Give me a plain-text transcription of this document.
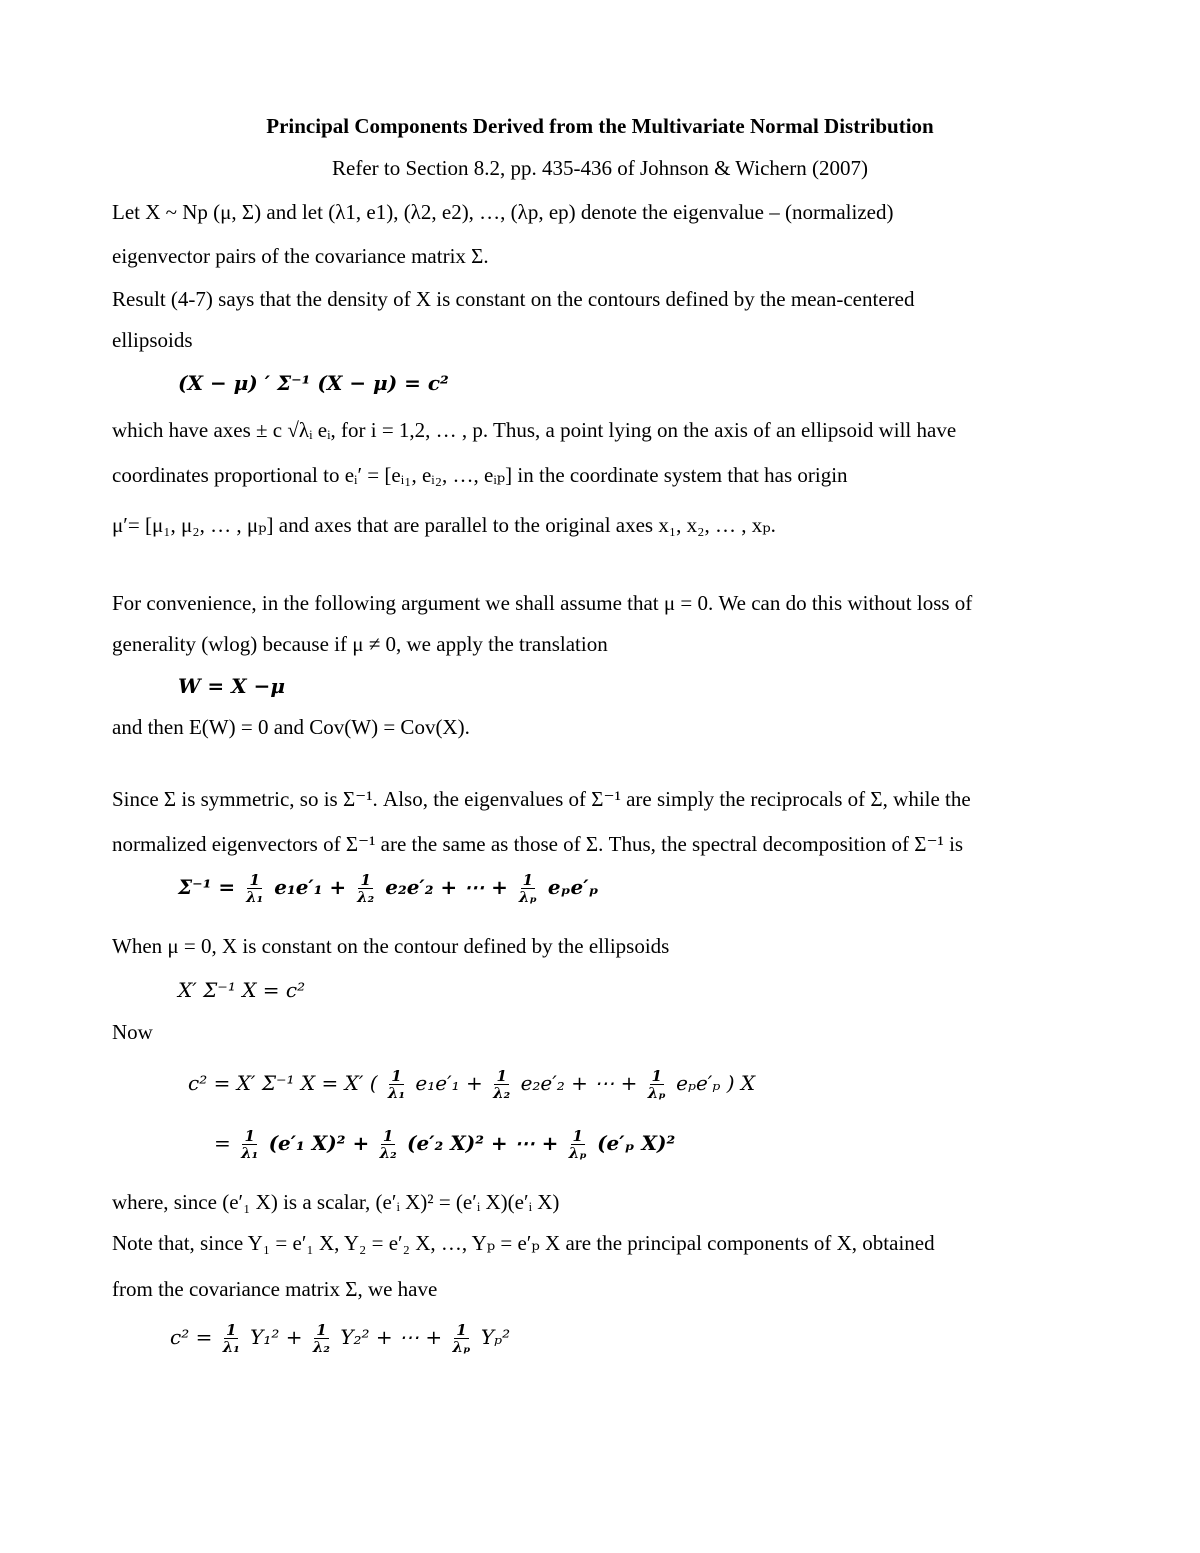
Principal Components Derived from the Multivariate Normal Distribution
Refer to Section 8.2, pp. 435-436 of Johnson & Wichern (2007)
Let X ~ Np (μ, Σ) and let (λ1, e1), (λ2, e2), …, (λp, ep) denote the eigenvalue – (normalized)
eigenvector pairs of the covariance matrix Σ.
Result (4-7) says that the density of X is constant on the contours defined by the mean-centered
ellipsoids
(X − μ) ′ Σ⁻¹ (X − μ) = c²
which have axes ± c √λᵢ eᵢ, for i = 1,2, … , p. Thus, a point lying on the axis of an ellipsoid will have
coordinates proportional to eᵢ′ = [eᵢ₁, eᵢ₂, …, eᵢₚ] in the coordinate system that has origin
μ′= [μ₁, μ₂, … , μₚ] and axes that are parallel to the original axes x₁, x₂, … , xₚ.
For convenience, in the following argument we shall assume that μ = 0. We can do this without loss of
generality (wlog) because if μ ≠ 0, we apply the translation
W = X −μ
and then E(W) = 0 and Cov(W) = Cov(X).
Since Σ is symmetric, so is Σ⁻¹. Also, the eigenvalues of Σ⁻¹ are simply the reciprocals of Σ, while the
normalized eigenvectors of Σ⁻¹ are the same as those of Σ. Thus, the spectral decomposition of Σ⁻¹ is
$\Sigma^{-1} = \frac{1}{\text{λ₁}} e_1e'_1 + \frac{1}{\text{λ₂}} e_2e'_2$ + ⋯ + $\frac{1}{\text{λₚ}} e_pe'_p$
When μ = 0, X is constant on the contour defined by the ellipsoids
X′ Σ⁻¹ X = c²
Now
c² = X′ Σ⁻¹ X = X′ ( $\frac{1}{\text{λ₁}} e_1e'_1 + \frac{1}{\text{λ₂}} e_2e'_2$ + ⋯ + $\frac{1}{\text{λₚ}} e_pe'_p$ ) X
= $\frac{1}{\text{λ₁}} (e'_1$ $X)^2 + \frac{1}{\text{λ₂}} (e'_2$ X)² + ⋯ + $\frac{1}{\text{λₚ}} (e'_p$ X)²
where, since (e′₁ X) is a scalar, (e′ᵢ X)² = (e′ᵢ X)(e′ᵢ X)
Note that, since Y₁ = e′₁ X, Y₂ = e′₂ X, …, Yₚ = e′ₚ X are the principal components of X, obtained
from the covariance matrix Σ, we have
$c^2 = \frac{1}{\text{λ₁}} Y_1^2 + \frac{1}{\text{λ₂}} Y_2^2$ + ⋯ + $\frac{1}{\text{λₚ}} Y_p^2$
